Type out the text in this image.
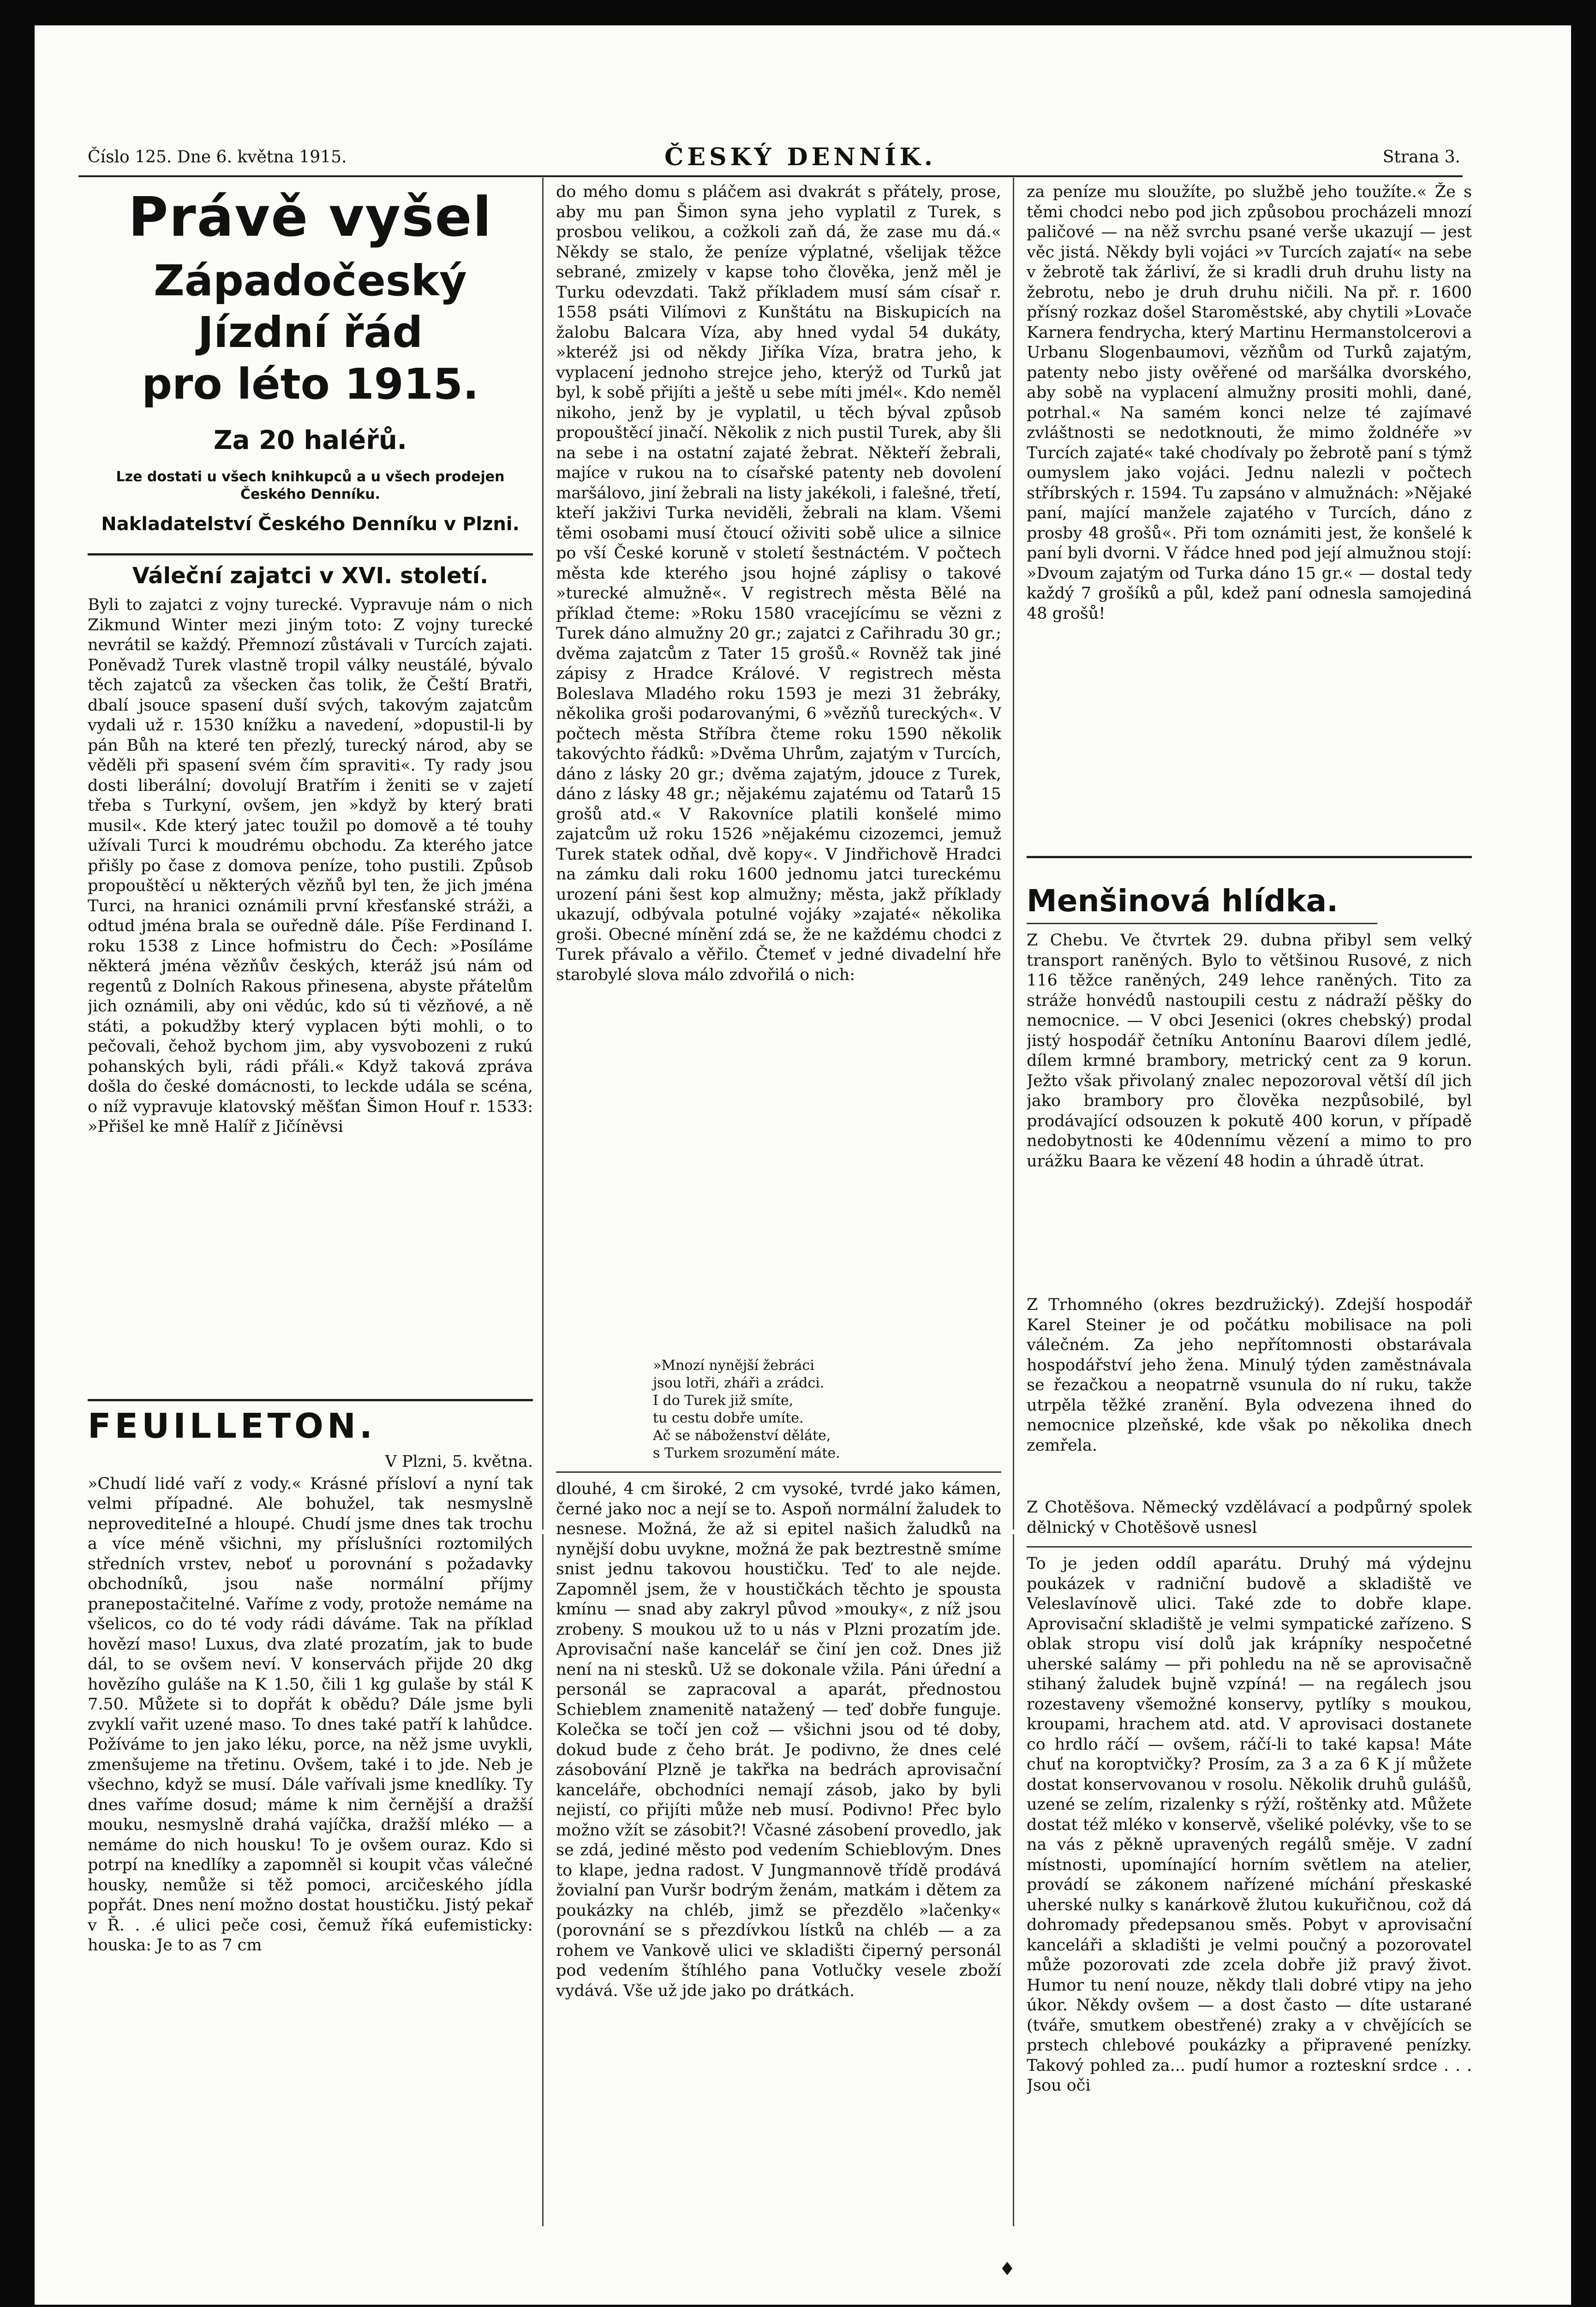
Číslo 125. Dne 6. května 1915.	ČESKÝ DENNÍK.	Strana 3.

Právě vyšel

Západočeský

Jízdní řád

pro léto 1915.

Za 20 haléřů.

Lze dostati u všech knihkupců a u všech prodejen Českého Denníku.

Nakladatelství Českého Denníku v Plzni.

Váleční zajatci v XVI. století.

Byli to zajatci z vojny turecké. Vypravuje nám o nich Zikmund Winter mezi jiným toto: Z vojny turecké nevrátil se každý. Přemnozí zůstávali v Turcích zajati. Poněvadž Turek vlastně tropil války neustálé, bývalo těch zajatců za všecken čas tolik, že Čeští Bratři, dbalí jsouce spasení duší svých, takovým zajatcům vydali už r. 1530 knížku a navedení, »dopustil-li by pán Bůh na které ten přezlý, turecký národ, aby se věděli při spasení svém čím spraviti«. Ty rady jsou dosti liberální; dovolují Bratřím i ženiti se v zajetí třeba s Turkyní, ovšem, jen »když by který brati musil«. Kde který jatec toužil po domově a té touhy užívali Turci k moudrému obchodu. Za kterého jatce přišly po čase z domova peníze, toho pustili. Způsob propouštěcí u některých vězňů byl ten, že jich jména Turci, na hranici oznámili první křesťanské stráži, a odtud jména brala se ouředně dále. Píše Ferdinand I. roku 1538 z Lince hofmistru do Čech: »Posíláme některá jména vězňův českých, kteráž jsú nám od regentů z Dolních Rakous přinesena, abyste přátelům jich oznámili, aby oni vědúc, kdo sú ti vězňové, a ně státi, a pokudžby který vyplacen býti mohli, o to pečovali, čehož bychom jim, aby vysvobozeni z rukú pohanských byli, rádi přáli.« Když taková zpráva došla do české domácnosti, to leckde udála se scéna, o níž vypravuje klatovský měšťan Šimon Houf r. 1533: »Přišel ke mně Halíř z Jičíněvsi

FEUILLETON.

V Plzni, 5. května.

»Chudí lidé vaří z vody.« Krásné přísloví a nyní tak velmi případné. Ale bohužel, tak nesmyslně neprovediteIné a hloupé. Chudí jsme dnes tak trochu a více méně všichni, my příslušníci roztomilých středních vrstev, neboť u porovnání s požadavky obchodníků, jsou naše normální příjmy pranepostačitelné. Vaříme z vody, protože nemáme na všelicos, co do té vody rádi dáváme. Tak na příklad hovězí maso! Luxus, dva zlaté prozatím, jak to bude dál, to se ovšem neví. V konservách přijde 20 dkg hovězího guláše na K 1.50, čili 1 kg gulaše by stál K 7.50. Můžete si to dopřát k obědu? Dále jsme byli zvyklí vařit uzené maso. To dnes také patří k lahůdce. Požíváme to jen jako léku, porce, na něž jsme uvykli, zmenšujeme na třetinu. Ovšem, také i to jde. Neb je všechno, když se musí. Dále vařívali jsme knedlíky. Ty dnes vaříme dosud; máme k nim černější a dražší mouku, nesmyslně drahá vajíčka, dražší mléko — a nemáme do nich housku! To je ovšem ouraz. Kdo si potrpí na knedlíky a zapomněl si koupit včas válečné housky, nemůže si těž pomoci, arcičeského jídla popřát. Dnes není možno dostat houstičku. Jistý pekař v Ř. . .é ulici peče cosi, čemuž říká eufemisticky: houska: Je to as 7 cm
do mého domu s pláčem asi dvakrát s přátely, prose, aby mu pan Šimon syna jeho vyplatil z Turek, s prosbou velikou, a cožkoli zaň dá, že zase mu dá.« Někdy se stalo, že peníze výplatné, všelijak těžce sebrané, zmizely v kapse toho člověka, jenž měl je Turku odevzdati. Takž příkladem musí sám císař r. 1558 psáti Vilímovi z Kunštátu na Biskupicích na žalobu Balcara Víza, aby hned vydal 54 dukáty, »kteréž jsi od někdy Jiříka Víza, bratra jeho, k vyplacení jednoho strejce jeho, kterýž od Turků jat byl, k sobě přijíti a ještě u sebe míti jmél«. Kdo neměl nikoho, jenž by je vyplatil, u těch býval způsob propouštěcí jinačí. Několik z nich pustil Turek, aby šli na sebe i na ostatní zajaté žebrat. Někteří žebrali, majíce v rukou na to císařské patenty neb dovolení maršálovo, jiní žebrali na listy jakékoli, i falešné, třetí, kteří jakživi Turka neviděli, žebrali na klam. Všemi těmi osobami musí čtoucí oživiti sobě ulice a silnice po vší České koruně v století šestnáctém. V počtech města kde kterého jsou hojné záplisy o takové »turecké almužně«. V registrech města Bělé na příklad čteme: »Roku 1580 vracejícímu se vězni z Turek dáno almužny 20 gr.; zajatci z Cařihradu 30 gr.; dvěma zajatcům z Tater 15 grošů.« Rovněž tak jiné zápisy z Hradce Králové. V registrech města Boleslava Mladého roku 1593 je mezi 31 žebráky, několika groši podarovanými, 6 »vězňů tureckých«. V počtech města Stříbra čteme roku 1590 několik takovýchto řádků: »Dvěma Uhrům, zajatým v Turcích, dáno z lásky 20 gr.; dvěma zajatým, jdouce z Turek, dáno z lásky 48 gr.; nějakému zajatému od Tatarů 15 grošů atd.« V Rakovníce platili konšelé mimo zajatcům už roku 1526 »nějakému cizozemci, jemuž Turek statek odňal, dvě kopy«. V Jindřichově Hradci na zámku dali roku 1600 jednomu jatci tureckému urození páni šest kop almužny; města, jakž příklady ukazují, odbývala potulné vojáky »zajaté« několika groši. Obecné mínění zdá se, že ne každému chodci z Turek přávalo a věřilo. Čtemeť v jedné divadelní hře starobylé slova málo zdvořilá o nich:
»Mnozí nynější žebráci
jsou lotři, zháři a zrádci.
I do Turek již smíte,
tu cestu dobře umíte.
Ač se náboženství děláte,
s Turkem srozumění máte.
dlouhé, 4 cm široké, 2 cm vysoké, tvrdé jako kámen, černé jako noc a nejí se to. Aspoň normální žaludek to nesnese. Možná, že až si epitel našich žaludků na nynější dobu uvykne, možná že pak beztrestně smíme snist jednu takovou houstičku. Teď to ale nejde. Zapomněl jsem, že v houstičkách těchto je spousta kmínu — snad aby zakryl původ »mouky«, z níž jsou zrobeny. S moukou už to u nás v Plzni prozatím jde. Aprovisační naše kancelář se činí jen což. Dnes již není na ni stesků. Už se dokonale vžila. Páni úřední a personál se zapracoval a aparát, přednostou Schieblem znamenitě natažený — teď dobře funguje. Kolečka se točí jen což — všichni jsou od té doby, dokud bude z čeho brát. Je podivno, že dnes celé zásobování Plzně je takřka na bedrách aprovisační kanceláře, obchodníci nemají zásob, jako by byli nejistí, co přijíti může neb musí. Podivno! Přec bylo možno vžít se zásobit?! Včasné zásobení provedlo, jak se zdá, jediné město pod vedením Schieblovým. Dnes to klape, jedna radost. V Jungmannově třídě prodává žovialní pan Vuršr bodrým ženám, matkám i dětem za poukázky na chléb, jimž se přezdělo »lačenky« (porovnání se s přezdívkou lístků na chléb — a za rohem ve Vankově ulici ve skladišti čiperný personál pod vedením štíhlého pana Votlučky vesele zboží vydává. Vše už jde jako po drátkách.
za peníze mu sloužíte, po službě jeho toužíte.« Že s těmi chodci nebo pod jich způsobou procházeli mnozí paličové — na něž svrchu psané verše ukazují — jest věc jistá. Někdy byli vojáci »v Turcích zajatí« na sebe v žebrotě tak žárliví, že si kradli druh druhu listy na žebrotu, nebo je druh druhu ničili. Na př. r. 1600 přísný rozkaz došel Staroměstské, aby chytili »Lovače Karnera fendrycha, který Martinu Hermanstolcerovi a Urbanu Slogenbaumovi, vězňům od Turků zajatým, patenty nebo jisty ověřené od maršálka dvorského, aby sobě na vyplacení almužny prositi mohli, dané, potrhal.« Na samém konci nelze té zajímavé zvláštnosti se nedotknouti, že mimo žoldnéře »v Turcích zajaté« také chodívaly po žebrotě paní s týmž oumyslem jako vojáci. Jednu nalezli v počtech stříbrských r. 1594. Tu zapsáno v almužnách: »Nějaké paní, mající manžele zajatého v Turcích, dáno z prosby 48 grošů«. Při tom oznámiti jest, že konšelé k paní byli dvorni. V řádce hned pod její almužnou stojí: »Dvoum zajatým od Turka dáno 15 gr.« — dostal tedy každý 7 grošíků a půl, kdež paní odnesla samojediná 48 grošů!

Menšinová hlídka.

Z Chebu. Ve čtvrtek 29. dubna přibyl sem velký transport raněných. Bylo to většinou Rusové, z nich 116 těžce raněných, 249 lehce raněných. Tito za stráže honvédů nastoupili cestu z nádraží pěšky do nemocnice. — V obci Jesenici (okres chebský) prodal jistý hospodář četníku Antonínu Baarovi dílem jedlé, dílem krmné brambory, metrický cent za 9 korun. Ježto však přivolaný znalec nepozoroval větší díl jich jako brambory pro člověka nezpůsobilé, byl prodávající odsouzen k pokutě 400 korun, v případě nedobytnosti ke 40dennímu vězení a mimo to pro urážku Baara ke vězení 48 hodin a úhradě útrat.
Z Trhomného (okres bezdružický). Zdejší hospodář Karel Steiner je od počátku mobilisace na poli válečném. Za jeho nepřítomnosti obstarávala hospodářství jeho žena. Minulý týden zaměstnávala se řezačkou a neopatrně vsunula do ní ruku, takže utrpěla těžké zranění. Byla odvezena ihned do nemocnice plzeňské, kde však po několika dnech zemřela.
Z Chotěšova. Německý vzdělávací a podpůrný spolek dělnický v Chotěšově usnesl
To je jeden oddíl aparátu. Druhý má výdejnu poukázek v radniční budově a skladiště ve Veleslavínově ulici. Také zde to dobře klape. Aprovisační skladiště je velmi sympatické zařízeno. S oblak stropu visí dolů jak krápníky nespočetné uherské salámy — při pohledu na ně se aprovisačně stihaný žaludek bujně vzpíná! — na regálech jsou rozestaveny všemožné konservy, pytlíky s moukou, kroupami, hrachem atd. atd. V aprovisaci dostanete co hrdlo ráčí — ovšem, ráčí-li to také kapsa! Máte chuť na koroptvičky? Prosím, za 3 a za 6 K jí můžete dostat konservovanou v rosolu. Několik druhů gulášů, uzené se zelím, rizalenky s rýží, roštěnky atd. Můžete dostat též mléko v konservě, všeliké polévky, vše to se na vás z pěkně upravených regálů směje. V zadní místnosti, upomínající horním světlem na atelier, provádí se zákonem nařízené míchání přeskaské uherské nulky s kanárkově žlutou kukuřičnou, což dá dohromady předepsanou směs. Pobyt v aprovisační kanceláři a skladišti je velmi poučný a pozorovatel může pozorovati zde zcela dobře již pravý život. Humor tu není nouze, někdy tlali dobré vtipy na jeho úkor. Někdy ovšem — a dost často — díte ustarané (tváře, smutkem obestřené) zraky a v chvějících se prstech chlebové poukázky a připravené penízky. Takový pohled za... pudí humor a rozteskní srdce . . . Jsou oči
♦
